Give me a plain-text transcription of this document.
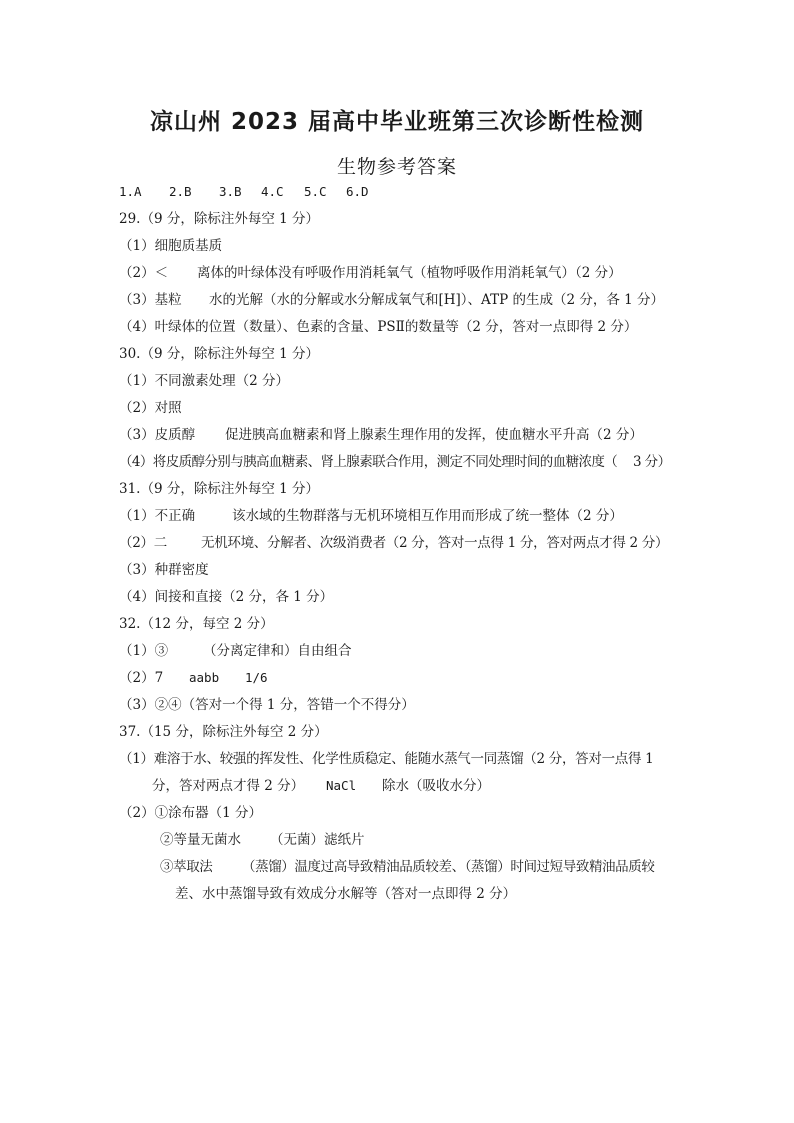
凉山州 2023 届高中毕业班第三次诊断性检测
生物参考答案
1.A 2.B 3.B 4.C 5.C 6.D
29.（9 分，除标注外每空 1 分）
（1）细胞质基质
（2）＜ 离体的叶绿体没有呼吸作用消耗氧气（植物呼吸作用消耗氧气）（2 分）
（3）基粒 水的光解（水的分解或水分解成氧气和[H]）、ATP 的生成（2 分，各 1 分）
（4）叶绿体的位置（数量）、色素的含量、PSⅡ的数量等（2 分，答对一点即得 2 分）
30.（9 分，除标注外每空 1 分）
（1）不同激素处理（2 分）
（2）对照
（3）皮质醇 促进胰高血糖素和肾上腺素生理作用的发挥，使血糖水平升高（2 分）
（4）将皮质醇分别与胰高血糖素、肾上腺素联合作用，测定不同处理时间的血糖浓度（ 3 分）
31.（9 分，除标注外每空 1 分）
（1）不正确	该水域的生物群落与无机环境相互作用而形成了统一整体（2 分）
（2）二	无机环境、分解者、次级消费者（2 分，答对一点得 1 分，答对两点才得 2 分）
（3）种群密度
（4）间接和直接（2 分，各 1 分）
32.（12 分，每空 2 分）
（1）③	（分离定律和）自由组合
（2）7 aabb 1/6
（3）②④（答对一个得 1 分，答错一个不得分）
37.（15 分，除标注外每空 2 分）
（1）难溶于水、较强的挥发性、化学性质稳定、能随水蒸气一同蒸馏（2 分，答对一点得 1
分，答对两点才得 2 分） NaCl 除水（吸收水分）
（2）①涂布器（1 分）
②等量无菌水 （无菌）滤纸片
③萃取法 （蒸馏）温度过高导致精油品质较差、（蒸馏）时间过短导致精油品质较
差、水中蒸馏导致有效成分水解等（答对一点即得 2 分）
